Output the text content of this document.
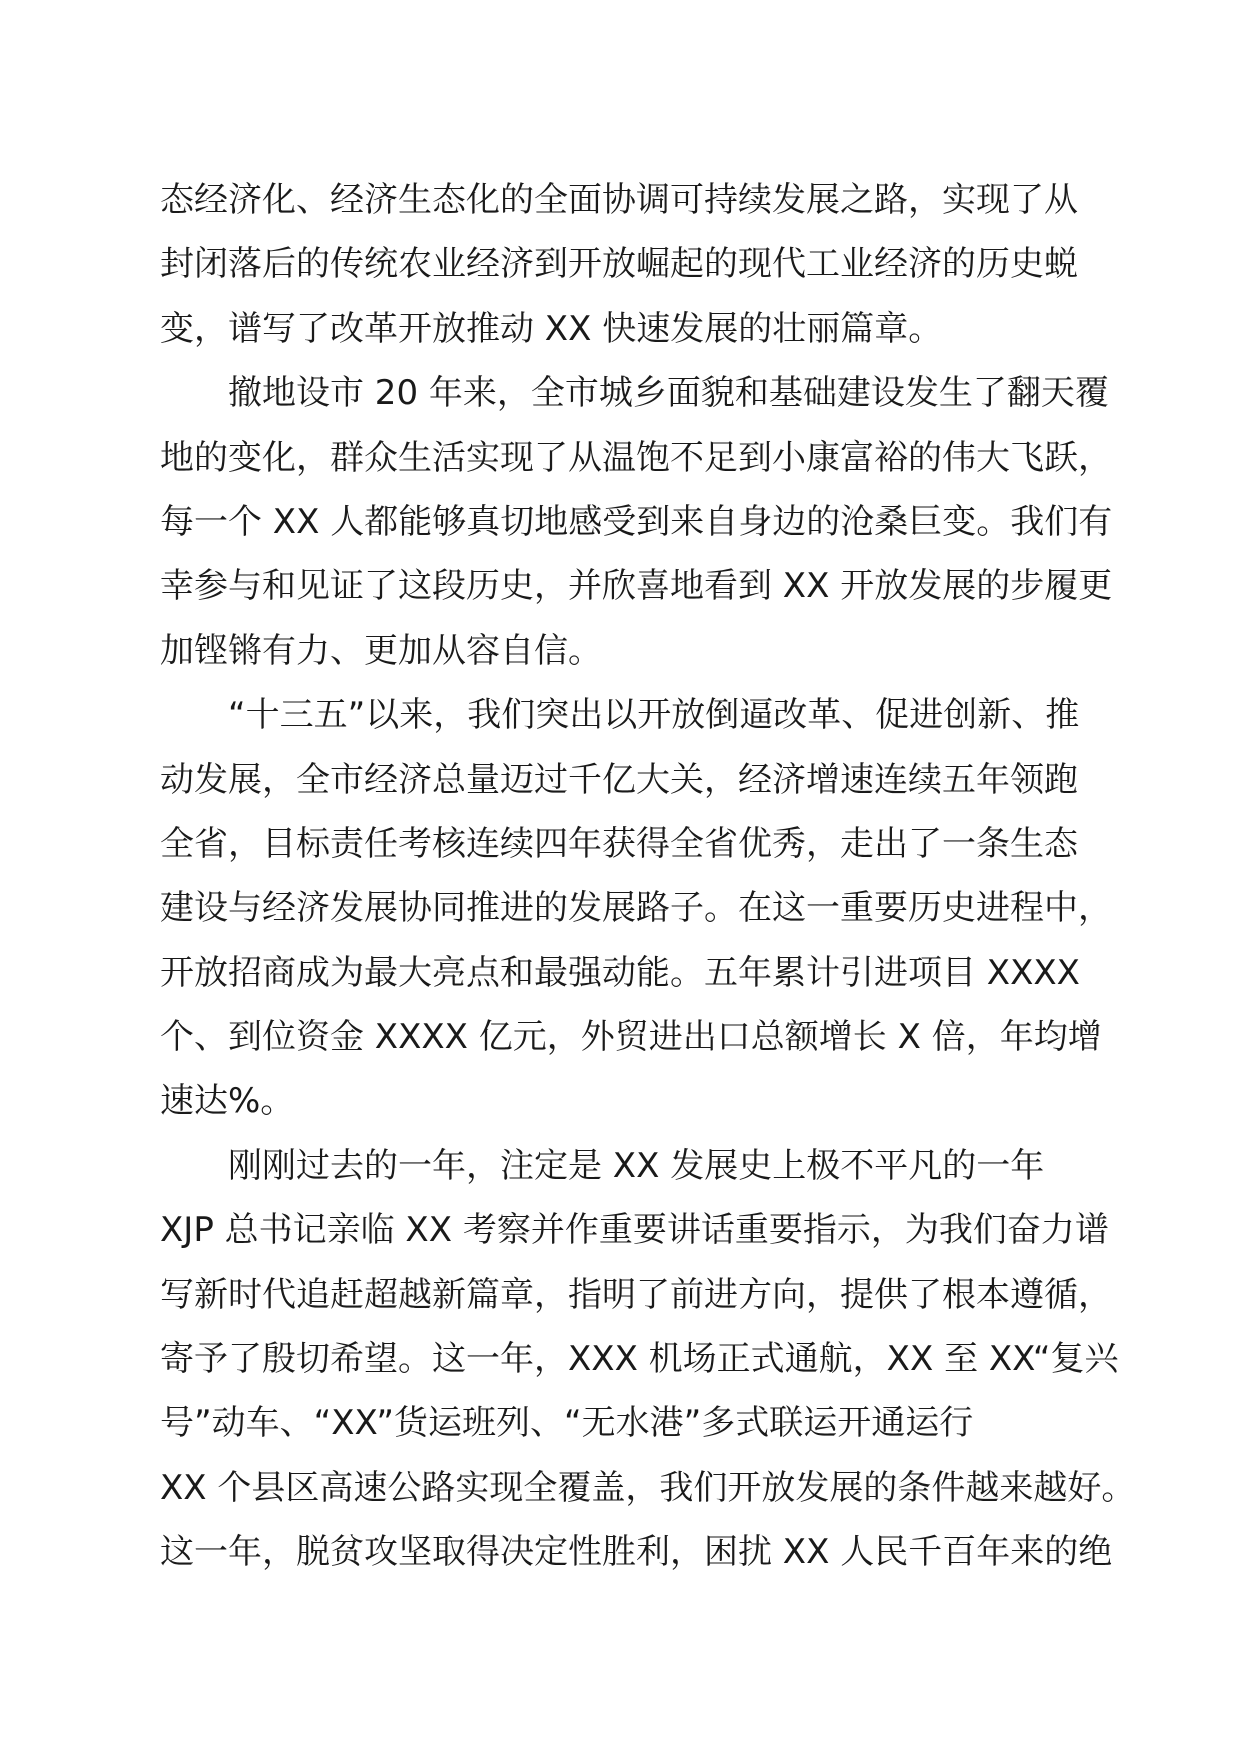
态经济化、经济生态化的全面协调可持续发展之路，实现了从
封闭落后的传统农业经济到开放崛起的现代工业经济的历史蜕
变，谱写了改革开放推动 XX 快速发展的壮丽篇章。
撤地设市 20 年来，全市城乡面貌和基础建设发生了翻天覆
地的变化，群众生活实现了从温饱不足到小康富裕的伟大飞跃，
每一个 XX 人都能够真切地感受到来自身边的沧桑巨变。我们有
幸参与和见证了这段历史，并欣喜地看到 XX 开放发展的步履更
加铿锵有力、更加从容自信。
“十三五”以来，我们突出以开放倒逼改革、促进创新、推
动发展，全市经济总量迈过千亿大关，经济增速连续五年领跑
全省，目标责任考核连续四年获得全省优秀，走出了一条生态
建设与经济发展协同推进的发展路子。在这一重要历史进程中，
开放招商成为最大亮点和最强动能。五年累计引进项目 XXXX
个、到位资金 XXXX 亿元，外贸进出口总额增长 X 倍，年均增
速达%。
刚刚过去的一年，注定是 XX 发展史上极不平凡的一年
XJP 总书记亲临 XX 考察并作重要讲话重要指示，为我们奋力谱
写新时代追赶超越新篇章，指明了前进方向，提供了根本遵循，
寄予了殷切希望。这一年，XXX 机场正式通航，XX 至 XX“复兴
号”动车、“XX”货运班列、“无水港”多式联运开通运行
XX 个县区高速公路实现全覆盖，我们开放发展的条件越来越好。
这一年，脱贫攻坚取得决定性胜利，困扰 XX 人民千百年来的绝
